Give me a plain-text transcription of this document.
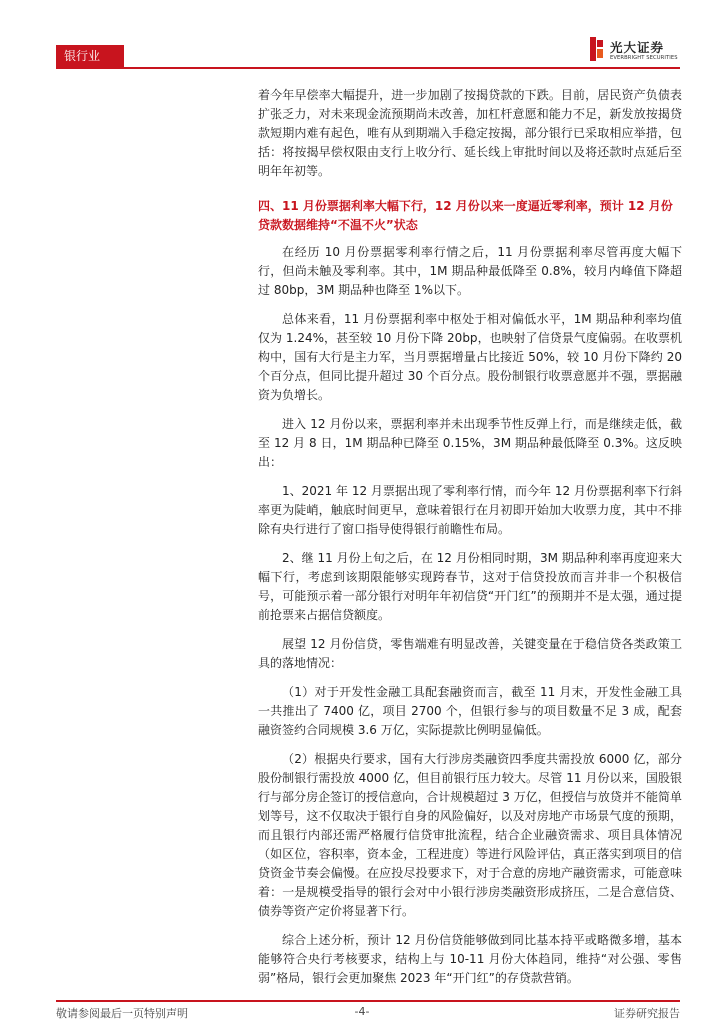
银行业
光大证券
EVERBRIGHT SECURITIES

着今年早偿率大幅提升，进一步加剧了按揭贷款的下跌。目前，居民资产负债表扩张乏力，对未来现金流预期尚未改善，加杠杆意愿和能力不足，新发放按揭贷款短期内难有起色，唯有从到期端入手稳定按揭，部分银行已采取相应举措，包括：将按揭早偿权限由支行上收分行、延长线上审批时间以及将还款时点延后至明年年初等。

四、11 月份票据利率大幅下行，12 月份以来一度逼近零利率，预计 12 月份贷款数据维持“不温不火”状态

在经历 10 月份票据零利率行情之后，11 月份票据利率尽管再度大幅下行，但尚未触及零利率。其中，1M 期品种最低降至 0.8%，较月内峰值下降超过 80bp，3M 期品种也降至 1%以下。

总体来看，11 月份票据利率中枢处于相对偏低水平，1M 期品种利率均值仅为 1.24%，甚至较 10 月份下降 20bp，也映射了信贷景气度偏弱。在收票机构中，国有大行是主力军，当月票据增量占比接近 50%，较 10 月份下降约 20 个百分点，但同比提升超过 30 个百分点。股份制银行收票意愿并不强，票据融资为负增长。

进入 12 月份以来，票据利率并未出现季节性反弹上行，而是继续走低，截至 12 月 8 日，1M 期品种已降至 0.15%，3M 期品种最低降至 0.3%。这反映出：

1、2021 年 12 月票据出现了零利率行情，而今年 12 月份票据利率下行斜率更为陡峭，触底时间更早，意味着银行在月初即开始加大收票力度，其中不排除有央行进行了窗口指导使得银行前瞻性布局。

2、继 11 月份上旬之后，在 12 月份相同时期，3M 期品种利率再度迎来大幅下行，考虑到该期限能够实现跨春节，这对于信贷投放而言并非一个积极信号，可能预示着一部分银行对明年年初信贷“开门红”的预期并不是太强，通过提前抢票来占据信贷额度。

展望 12 月份信贷，零售端难有明显改善，关键变量在于稳信贷各类政策工具的落地情况：

（1）对于开发性金融工具配套融资而言，截至 11 月末，开发性金融工具一共推出了 7400 亿，项目 2700 个，但银行参与的项目数量不足 3 成，配套融资签约合同规模 3.6 万亿，实际提款比例明显偏低。

（2）根据央行要求，国有大行涉房类融资四季度共需投放 6000 亿，部分股份制银行需投放 4000 亿，但目前银行压力较大。尽管 11 月份以来，国股银行与部分房企签订的授信意向，合计规模超过 3 万亿，但授信与放贷并不能简单划等号，这不仅取决于银行自身的风险偏好，以及对房地产市场景气度的预期，而且银行内部还需严格履行信贷审批流程，结合企业融资需求、项目具体情况（如区位，容积率，资本金，工程进度）等进行风险评估，真正落实到项目的信贷资金节奏会偏慢。在应投尽投要求下，对于合意的房地产融资需求，可能意味着：一是规模受指导的银行会对中小银行涉房类融资形成挤压，二是合意信贷、债券等资产定价将显著下行。

综合上述分析，预计 12 月份信贷能够做到同比基本持平或略微多增，基本能够符合央行考核要求，结构上与 10-11 月份大体趋同，维持“对公强、零售弱”格局，银行会更加聚焦 2023 年“开门红”的存贷款营销。

敬请参阅最后一页特别声明	-4-	证券研究报告
